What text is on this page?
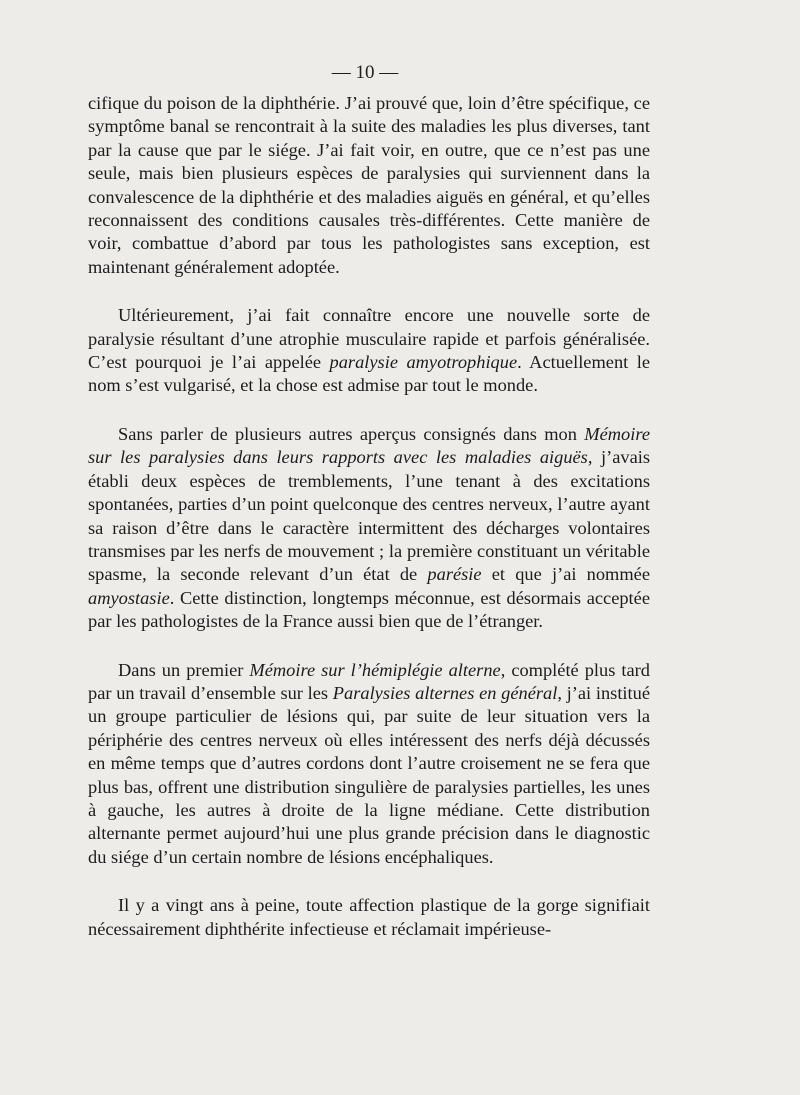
— 10 —

cifique du poison de la diphthérie. J’ai prouvé que, loin d’être spécifique, ce symptôme banal se rencontrait à la suite des maladies les plus diverses, tant par la cause que par le siége. J’ai fait voir, en outre, que ce n’est pas une seule, mais bien plusieurs espèces de paralysies qui surviennent dans la convalescence de la diphthérie et des maladies aiguës en général, et qu’elles reconnaissent des conditions causales très-différentes. Cette manière de voir, combattue d’abord par tous les pathologistes sans exception, est maintenant généralement adoptée.

Ultérieurement, j’ai fait connaître encore une nouvelle sorte de paralysie résultant d’une atrophie musculaire rapide et parfois généralisée. C’est pourquoi je l’ai appelée paralysie amyotrophique. Actuellement le nom s’est vulgarisé, et la chose est admise par tout le monde.

Sans parler de plusieurs autres aperçus consignés dans mon Mémoire sur les paralysies dans leurs rapports avec les maladies aiguës, j’avais établi deux espèces de tremblements, l’une tenant à des excitations spontanées, parties d’un point quelconque des centres nerveux, l’autre ayant sa raison d’être dans le caractère intermittent des décharges volontaires transmises par les nerfs de mouvement ; la première constituant un véritable spasme, la seconde relevant d’un état de parésie et que j’ai nommée amyostasie. Cette distinction, longtemps méconnue, est désormais acceptée par les pathologistes de la France aussi bien que de l’étranger.

Dans un premier Mémoire sur l’hémiplégie alterne, complété plus tard par un travail d’ensemble sur les Paralysies alternes en général, j’ai institué un groupe particulier de lésions qui, par suite de leur situation vers la périphérie des centres nerveux où elles intéressent des nerfs déjà décussés en même temps que d’autres cordons dont l’autre croisement ne se fera que plus bas, offrent une distribution singulière de paralysies partielles, les unes à gauche, les autres à droite de la ligne médiane. Cette distribution alternante permet aujourd’hui une plus grande précision dans le diagnostic du siége d’un certain nombre de lésions encéphaliques.

Il y a vingt ans à peine, toute affection plastique de la gorge signifiait nécessairement diphthérite infectieuse et réclamait impérieuse-
